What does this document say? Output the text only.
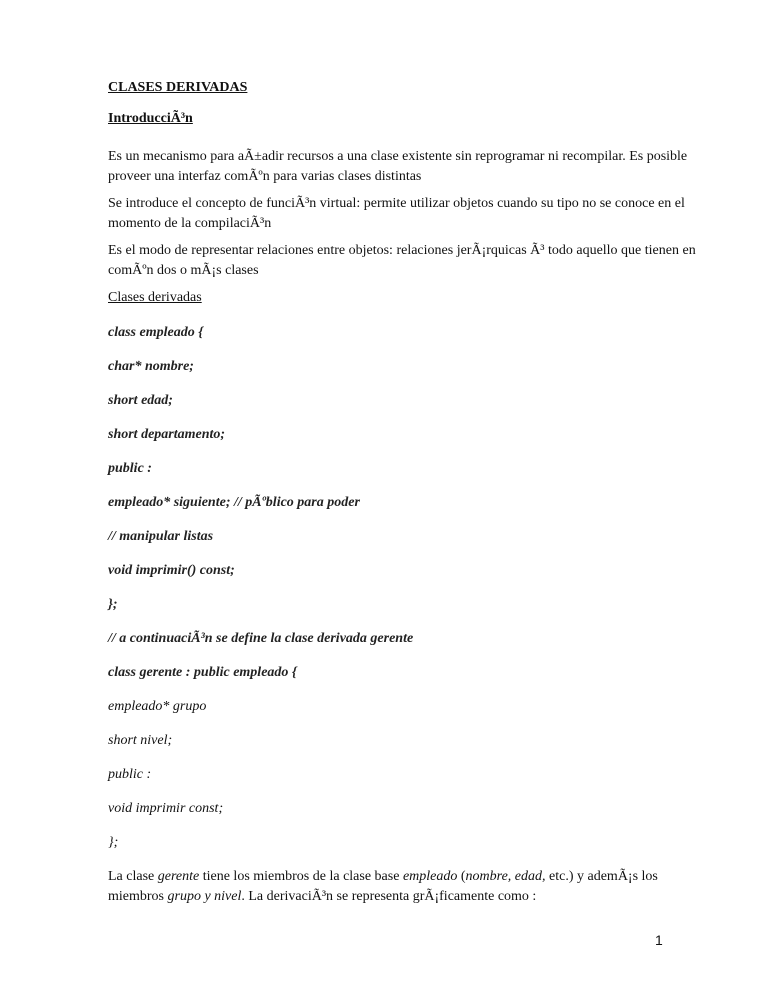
CLASES DERIVADAS
IntroducciÃ³n
Es un mecanismo para aÃ±adir recursos a una clase existente sin reprogramar ni recompilar. Es posible proveer una interfaz comÃºn para varias clases distintas
Se introduce el concepto de funciÃ³n virtual: permite utilizar objetos cuando su tipo no se conoce en el momento de la compilaciÃ³n
Es el modo de representar relaciones entre objetos: relaciones jerÃ¡rquicas Ã³ todo aquello que tienen en comÃºn dos o mÃ¡s clases
Clases derivadas
class empleado {
char* nombre;
short edad;
short departamento;
public :
empleado* siguiente; // pÃºblico para poder
// manipular listas
void imprimir() const;
};
// a continuaciÃ³n se define la clase derivada gerente
class gerente : public empleado {
empleado* grupo
short nivel;
public :
void imprimir const;
};
La clase gerente tiene los miembros de la clase base empleado (nombre, edad, etc.) y ademÃ¡s los miembros grupo y nivel. La derivaciÃ³n se representa grÃ¡ficamente como :
1
